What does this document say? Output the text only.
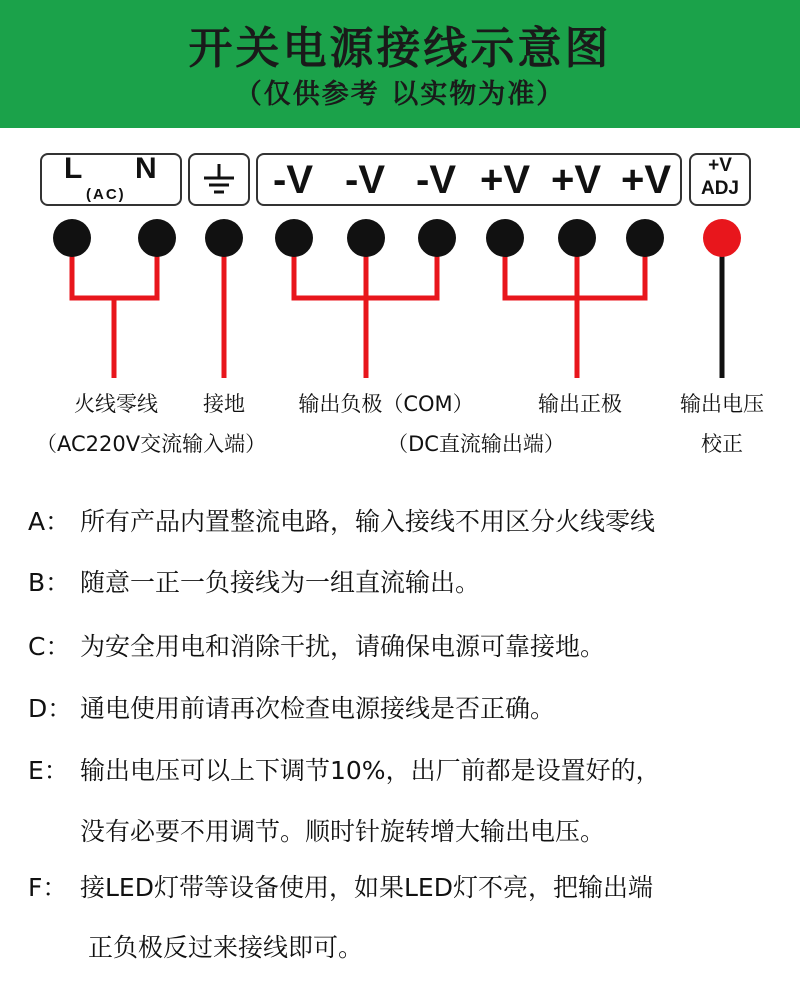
开关电源接线示意图
（仅供参考 以实物为准）
L N
(AC)	-V -V -V +V +V +V	+V
ADJ
火线零线
（AC220V交流输入端）
接地	输出负极（COM）
（DC直流输出端）
输出正极	输出电压
校正
A： 所有产品内置整流电路，输入接线不用区分火线零线
B： 随意一正一负接线为一组直流输出。
C： 为安全用电和消除干扰，请确保电源可靠接地。
D： 通电使用前请再次检查电源接线是否正确。
E： 输出电压可以上下调节10%，出厂前都是设置好的，
没有必要不用调节。顺时针旋转增大输出电压。
F： 接LED灯带等设备使用，如果LED灯不亮，把输出端
正负极反过来接线即可。
